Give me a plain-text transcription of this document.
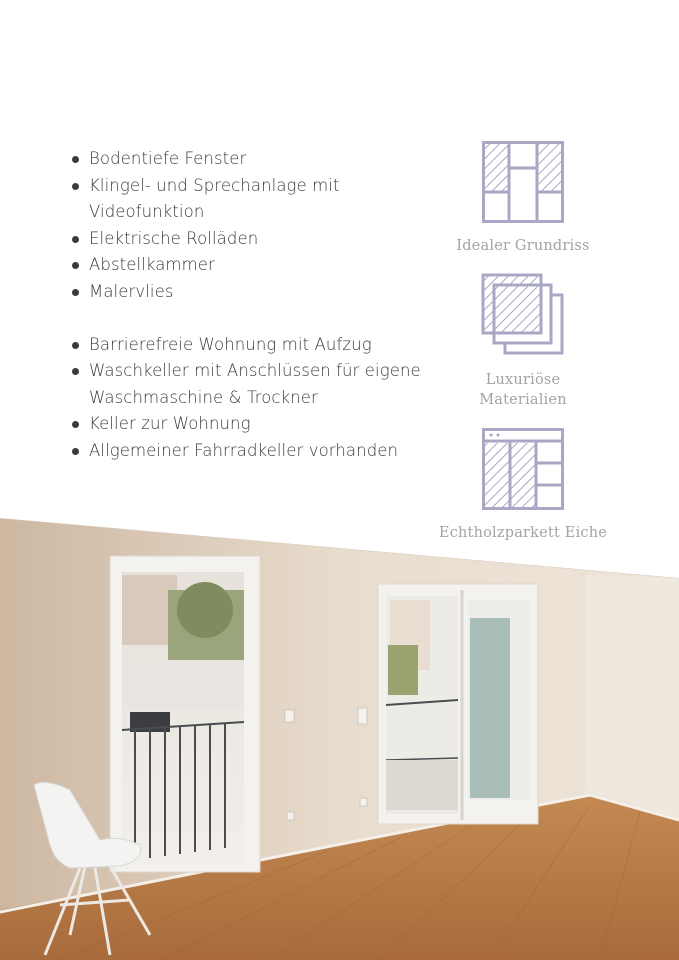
Bodentiefe Fenster
Klingel- und Sprechanlage mit
Videofunktion
Elektrische Rolläden
Abstellkammer
Malervlies
Barrierefreie Wohnung mit Aufzug
Waschkeller mit Anschlüssen für eigene
Waschmaschine & Trockner
Keller zur Wohnung
Allgemeiner Fahrradkeller vorhanden
Idealer Grundriss
Luxuriöse
Materialien
Echtholzparkett Eiche
